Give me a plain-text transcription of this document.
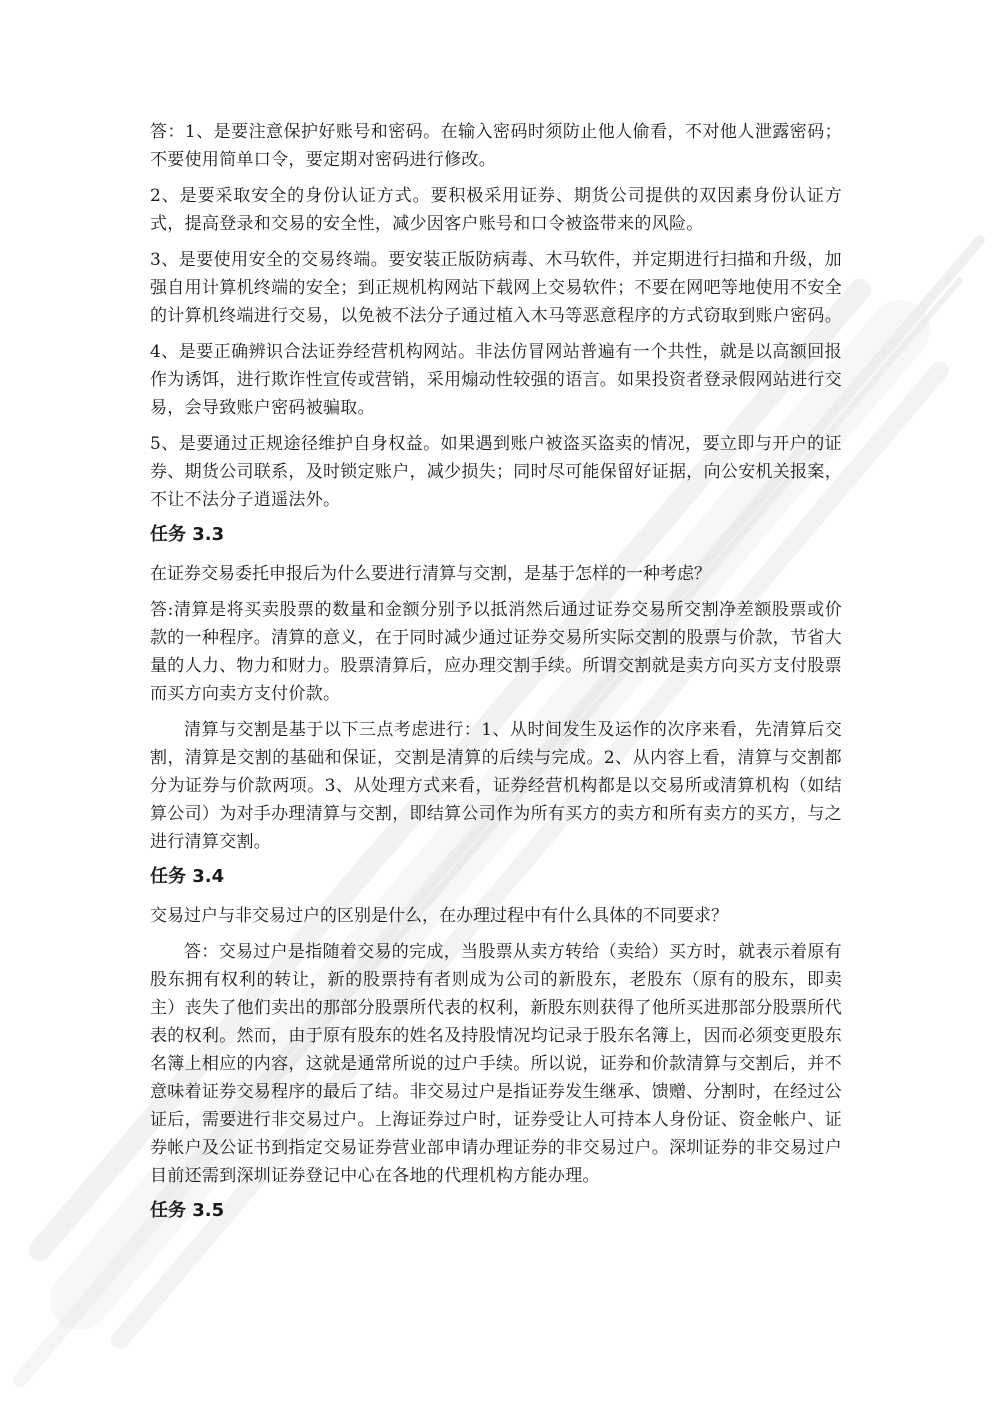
答：1、是要注意保护好账号和密码。在输入密码时须防止他人偷看，不对他人泄露密码；不要使用简单口令，要定期对密码进行修改。

2、是要采取安全的身份认证方式。要积极采用证券、期货公司提供的双因素身份认证方式，提高登录和交易的安全性，减少因客户账号和口令被盗带来的风险。

3、是要使用安全的交易终端。要安装正版防病毒、木马软件，并定期进行扫描和升级，加强自用计算机终端的安全；到正规机构网站下载网上交易软件；不要在网吧等地使用不安全的计算机终端进行交易，以免被不法分子通过植入木马等恶意程序的方式窃取到账户密码。

4、是要正确辨识合法证券经营机构网站。非法仿冒网站普遍有一个共性，就是以高额回报作为诱饵，进行欺诈性宣传或营销，采用煽动性较强的语言。如果投资者登录假网站进行交易，会导致账户密码被骗取。

5、是要通过正规途径维护自身权益。如果遇到账户被盗买盗卖的情况，要立即与开户的证券、期货公司联系，及时锁定账户，减少损失；同时尽可能保留好证据，向公安机关报案，不让不法分子逍遥法外。

任务 3.3

在证券交易委托申报后为什么要进行清算与交割，是基于怎样的一种考虑？

答:清算是将买卖股票的数量和金额分别予以抵消然后通过证券交易所交割净差额股票或价款的一种程序。清算的意义，在于同时减少通过证券交易所实际交割的股票与价款，节省大量的人力、物力和财力。股票清算后，应办理交割手续。所谓交割就是卖方向买方支付股票而买方向卖方支付价款。

清算与交割是基于以下三点考虑进行：1、从时间发生及运作的次序来看，先清算后交割，清算是交割的基础和保证，交割是清算的后续与完成。2、从内容上看，清算与交割都分为证券与价款两项。3、从处理方式来看，证券经营机构都是以交易所或清算机构（如结算公司）为对手办理清算与交割，即结算公司作为所有买方的卖方和所有卖方的买方，与之进行清算交割。

任务 3.4

交易过户与非交易过户的区别是什么，在办理过程中有什么具体的不同要求？

答：交易过户是指随着交易的完成，当股票从卖方转给（卖给）买方时，就表示着原有股东拥有权利的转让，新的股票持有者则成为公司的新股东，老股东（原有的股东，即卖主）丧失了他们卖出的那部分股票所代表的权利，新股东则获得了他所买进那部分股票所代表的权利。然而，由于原有股东的姓名及持股情况均记录于股东名簿上，因而必须变更股东名簿上相应的内容，这就是通常所说的过户手续。所以说，证券和价款清算与交割后，并不意味着证券交易程序的最后了结。非交易过户是指证券发生继承、馈赠、分割时，在经过公证后，需要进行非交易过户。上海证券过户时，证券受让人可持本人身份证、资金帐户、证券帐户及公证书到指定交易证券营业部申请办理证券的非交易过户。深圳证券的非交易过户目前还需到深圳证券登记中心在各地的代理机构方能办理。

任务 3.5
